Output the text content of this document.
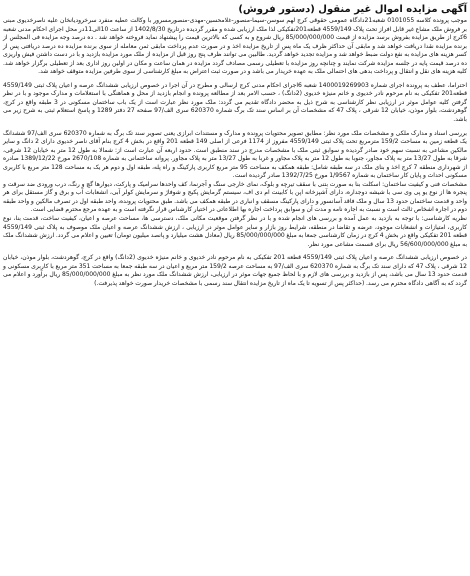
آگهی مزایده اموال غیر منقول (دستور فروش)

موجب پرونده کلاسه 0101055 شعبه21دادگاه عمومی حقوقی کرج لهم سوسن-سیما-منصور-غلامحسین-مهدی-منصورمسرور با وکالت عطیه منفرد سرخرودیانخان علیه ناصرخدیوی مبنی بر فروش ملک مشاع غیر قابل افراز تحت پلاک 4559/149 قطعه201تفکیکی لذا ملک ارزیابی شده و مقرر گردیده درتاریخ 1402/8/30 از ساعت 10الی11در محل اجرای احکام مدنی شعبه 6کرج از طریق مزایده بفروش برسد مزایده از قیمت 85/000/000/000 ریال شروع و به کسی که بالاترین قیمت را پیشنهاد نماید فروخته خواهد شد . ده درصد وجه مزایده فی المجلس از برنده مزایده نقدا دریافت خواهد شد و مابقی آن حداکثر ظرف یک ماه پس از تاریخ مزایده اخذ و در صورت عدم پرداخت مابقی ثمن معامله از سوی برنده مزایده ده درصد دریافتی پس از کسر هزینه های مزایده به نفع دولت ضبط خواهد شد و مزایده تجدید خواهد گردید. طالبین می توانند ظرف پنج روز قبل از مزایده از ملک مورد مزایده بازدید و با در دست داشتن فیش واریزی ده درصد قیمت پایه در جلسه مزایده شرکت نمایند و چنانچه روز مزایده با تعطیلی رسمی مصادف گردد مزایده در همان ساعت و مکان در اولین روز اداری بعد از تعطیلی برگزار خواهد شد. کلیه هزینه های نقل و انتقال و پرداخت بدهی های احتمالی ملک به عهده خریدار می باشد و در صورت ثبت اعتراض به مبلغ کارشناسی از سوی طرفین مزایده متوقف خواهد شد.

احتراما، عطف به پرونده اجرای شماره 1400019269903 شعبه 6اجرای احکام مدنی کرج ارسالی و مطرح در آن اجرا در خصوص ارزیابی ششدانگ عرصه و اعیان پلاک ثبتی 4559/149 قطعه201 تفکیکی به نام مرحوم نادر خدیوی و خانم منیژه خدیوی (2دانگ) ، حسب الامر بعد از مطالعه پرونده و انجام بازدید از محل و هماهنگی با استعلامات و مدارک موجود و با در نظر گرفتن کلیه عوامل موثر در ارزیابی نظر کارشناسی به شرح ذیل به محضر دادگاه تقدیم می گردد: ملک مورد نظر عبارت است از یک باب ساختمان مسکونی در 3 طبقه واقع در کرج، گوهردشت، بلوار موذن، خیابان 12 شرقی ، پلاک 47 که مشخصات آن بر اساس سند تک برگ شماره 620370 سری الف/97 صفحه 27 دفتر 1289 و پاسخ استعلام ثبتی به شرح زیر می باشد.

بررسی اسناد و مدارک ملکی و مشخصات ملک مورد نظر: مطابق تصویر محتویات پرونده و مدارک و مستندات ابرازی یعنی تصویر سند تک برگ به شماره 620370 سری الف/97 ششدانگ یک قطعه زمین به مساحت 159/2 مترمربع تحت پلاک ثبتی 4559/149 مفروز از 1174 فرعی از اصلی 149 قطعه 201 واقع در بخش 4 کرج بنام آقای ناصر خدیوی دارای 2 دانگ و سایر مالکین مشاعی به نسبت سهم خود صادر گردیده و سوابق ثبتی ملک با مشخصات مدرج در سند منطبق است. حدود اربعه آن عبارت است از: شمالا به طول 12 متر به خیابان 12 شرقی، شرقا به طول 13/27 متر به پلاک مجاور، جنوبا به طول 12 متر به پلاک مجاور و غربا به طول 13/27 متر به پلاک مجاور. پروانه ساختمانی به شماره 2670/108 مورخ 1389/12/22 صادره از شهرداری منطقه 7 کرج اخذ و بنای ملک در سه طبقه شامل: طبقه همکف به مساحت 95 متر مربع کاربری پارکینگ و راه پله، طبقه اول و دوم هر یک به مساحت 128 متر مربع با کاربری مسکونی احداث و پایان کار ساختمان به شماره 1/9567 مورخ 1392/7/25 صادر گردیده است.

مشخصات فنی و کیفیت ساختمان: اسکلت بنا به صورت بتنی با سقف تیرچه و بلوک، نمای خارجی سنگ و آجرنما، کف واحدها سرامیک و پارکت، دیوارها گچ و رنگ، درب ورودی ضد سرقت و پنجره ها از نوع یو پی وی سی با شیشه دوجداره، دارای آشپزخانه اپن با کابینت ام دی اف، سیستم گرمایش پکیج و شوفاژ و سرمایش کولر آبی، انشعابات آب و برق و گاز مستقل برای هر واحد و قدمت ساختمان حدود 13 سال و ملک فاقد آسانسور و دارای پارکینگ مسقف و انباری در طبقه همکف می باشد. طبق محتویات پرونده، واحد طبقه اول در تصرف مالکین و واحد طبقه دوم در اجاره اشخاص ثالث است و نسبت به اجاره نامه و مدت آن و سوابق پرداخت اجاره بها اطلاعاتی در اختیار کارشناس قرار نگرفته است و به عهده مرجع محترم قضایی است.

نظریه کارشناسی: با توجه به بازدید به عمل آمده و بررسی های انجام شده و با در نظر گرفتن موقعیت مکانی ملک، دسترسی ها، مساحت عرصه و اعیان، کیفیت ساخت، قدمت بنا، نوع کاربری، امتیازات و انشعابات موجود، عرضه و تقاضا در منطقه، شرایط روز بازار و سایر عوامل موثر در ارزیابی ، ارزش ششدانگ عرصه و اعیان ملک موصوف به پلاک ثبتی 4559/149 قطعه 201 تفکیکی واقع در بخش 4 کرج در زمان کارشناسی جمعا به مبلغ 85/000/000/000 ریال (معادل هشت میلیارد و پانصد میلیون تومان) تعیین و اعلام می گردد. ارزش ششدانگ ملک به مبلغ 56/600/000/000 ریال برای قسمت مشاعی مورد نظر.

در خصوص ارزیابی ششدانگ عرصه و اعیان پلاک ثبتی 4559/149 قطعه 201 تفکیکی به نام مرحوم نادر خدیوی و خانم منیژه خدیوی (2دانگ) واقع در کرج، گوهردشت، بلوار موذن، خیابان 12 شرقی ، پلاک 47 که دارای سند تک برگ به شماره 620370 سری الف/97 به مساحت عرصه 159/2 متر مربع و اعیان در سه طبقه جمعا به مساحت 351 متر مربع با کاربری مسکونی و قدمت حدود 13 سال می باشد، پس از بازدید و بررسی های لازم و با لحاظ جمیع جهات موثر در ارزیابی، ارزش ششدانگ ملک مورد نظر به مبلغ 85/000/000/000 ریال برآورد و اعلام می گردد که به آگاهی دادگاه محترم می رسد. (حداکثر پس از تسویه تا یک ماه از تاریخ مزایده انتقال سند رسمی با مشخصات خریدار صورت خواهد پذیرفت.)
